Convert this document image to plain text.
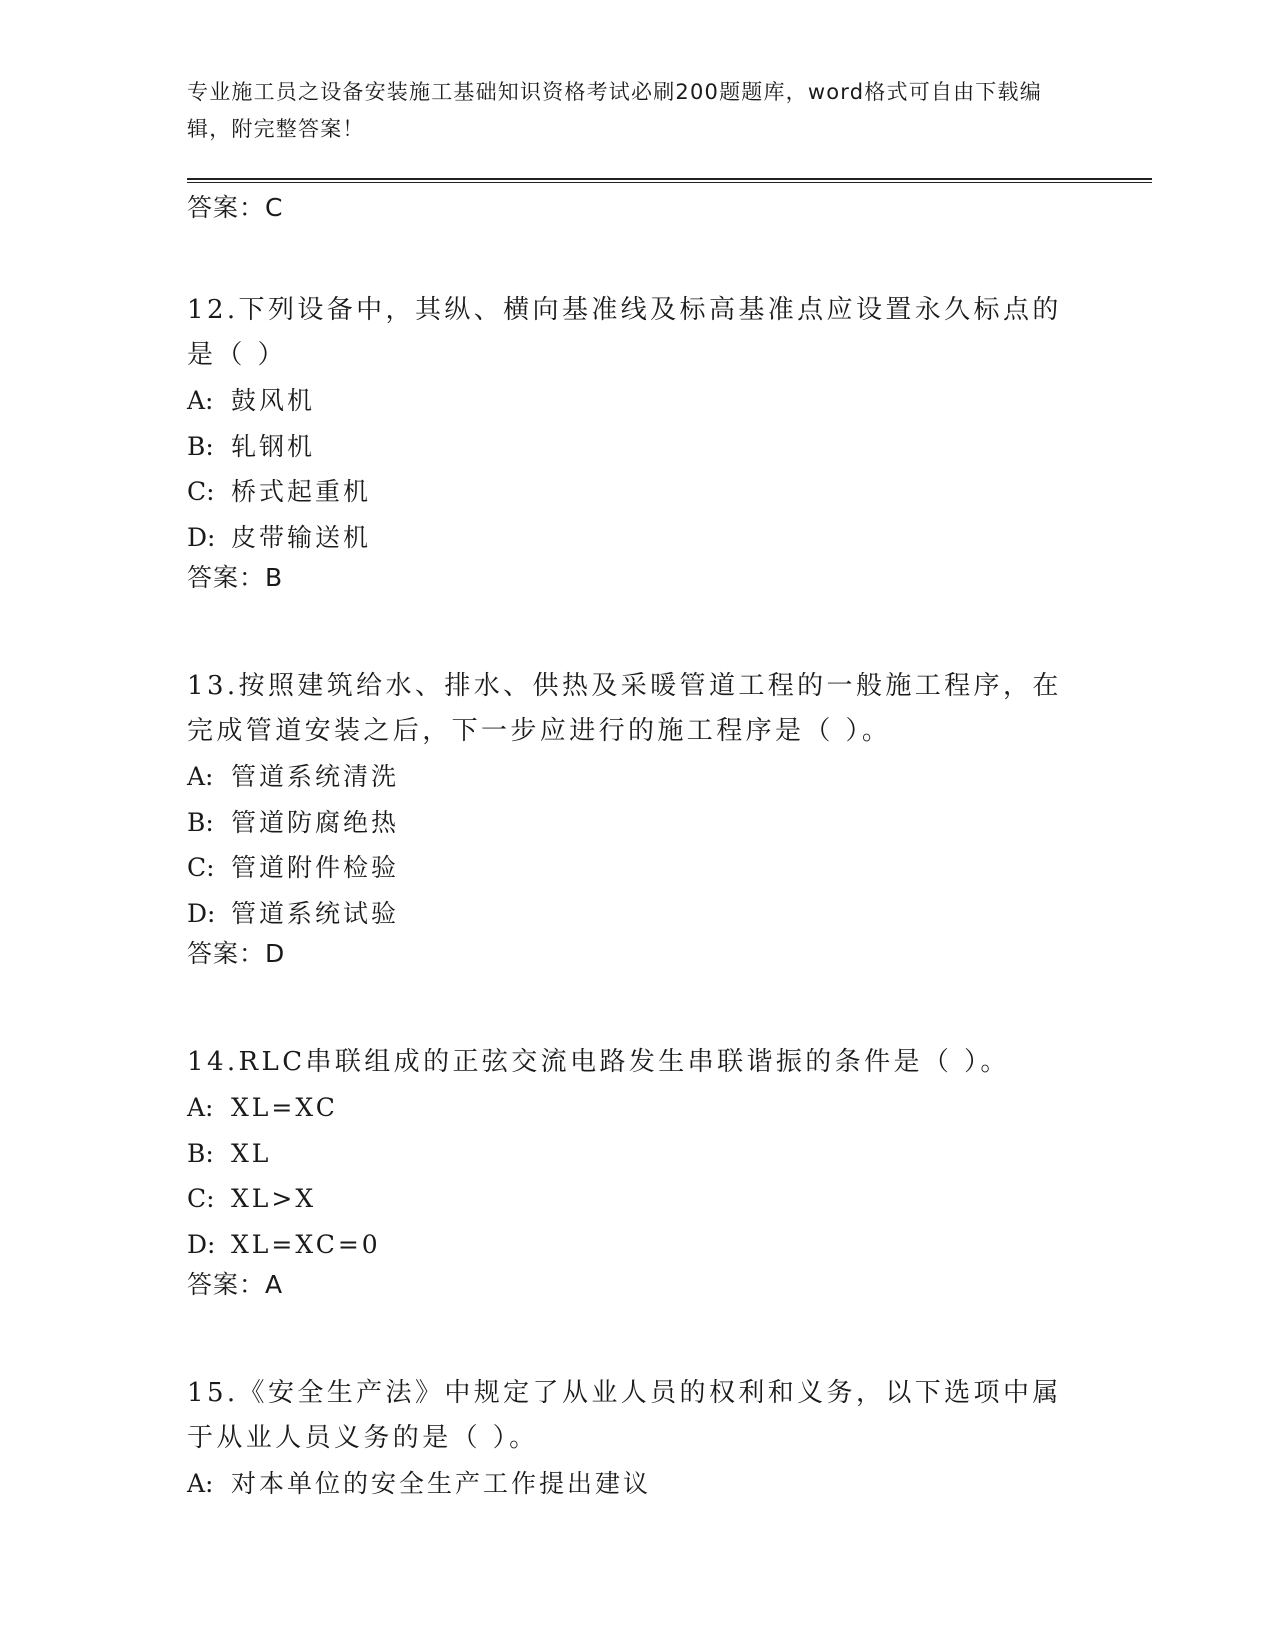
专业施工员之设备安装施工基础知识资格考试必刷200题题库，word格式可自由下载编辑，附完整答案！
答案：C
12.下列设备中，其纵、横向基准线及标高基准点应设置永久标点的是（ ）
A: 鼓风机
B: 轧钢机
C: 桥式起重机
D: 皮带输送机
答案：B
13.按照建筑给水、排水、供热及采暖管道工程的一般施工程序，在完成管道安装之后，下一步应进行的施工程序是（ ）。
A: 管道系统清洗
B: 管道防腐绝热
C: 管道附件检验
D: 管道系统试验
答案：D
14.RLC串联组成的正弦交流电路发生串联谐振的条件是（ ）。
A: XL=XC
B: XL
C: XL>X
D: XL=XC=0
答案：A
15.《安全生产法》中规定了从业人员的权利和义务，以下选项中属于从业人员义务的是（ ）。
A: 对本单位的安全生产工作提出建议
